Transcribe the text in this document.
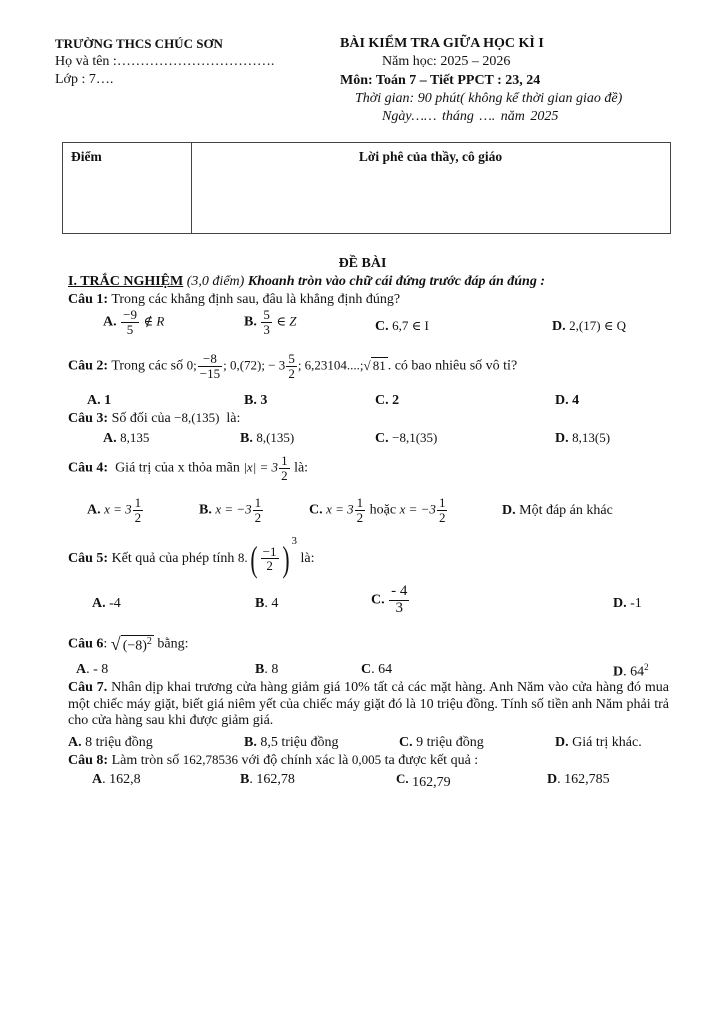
TRƯỜNG THCS CHÚC SƠN
Họ và tên :…………………………….
Lớp : 7….
BÀI KIỂM TRA GIỮA HỌC KÌ I
Năm học: 2025 – 2026
Môn: Toán 7 – Tiết PPCT : 23, 24
Thời gian: 90 phút( không kể thời gian giao đề)
Ngày…… tháng …. năm 2025
Điểm	Lời phê của thầy, cô giáo
ĐỀ BÀI
I. TRẮC NGHIỆM (3,0 điểm) Khoanh tròn vào chữ cái đứng trước đáp án đúng :
Câu 1: Trong các khẳng định sau, đâu là khẳng định đúng?
A. $\frac{-9}{5}$ ∉ R	B. $\frac{5}{3}$ ∈ Z	C. 6,7 ∈ I	D. 2,(17) ∈ Q
Câu 2: Trong các số 0; $\frac{-8}{-15}$ ; 0,(72); − $3 \frac{5}{2}$ ; 6,23104....;√ 81 . có bao nhiêu số vô tỉ?
A. 1	B. 3	C. 2	D. 4
Câu 3: Số đối của −8,(135) là:
A. 8,135	B. 8,(135)	C. −8,1(35)	D. 8,13(5)
Câu 4: Giá trị của x thỏa mãn $|x| = 3 \frac{1}{2}$ là:
A. $x = 3 \frac{1}{2}$	B. $x = -3 \frac{1}{2}$	C. $x = 3 \frac{1}{2}$ hoặc $x = -3 \frac{1}{2}$	D. Một đáp án khác
Câu 5: Kết quả của phép tính $8.( \frac{-1}{2}$ ) $^3$ là:
A. -4	B. 4	C. $\frac{- 4}{3}$	D. -1
Câu 6: √ $(-8)^2$ bằng:
A. - 8	B. 8	C. 64	D. $64^2$
Câu 7. Nhân dịp khai trương cửa hàng giảm giá 10% tất cả các mặt hàng. Anh Năm vào cửa hàng đó mua một chiếc máy giặt, biết giá niêm yết của chiếc máy giặt đó là 10 triệu đồng. Tính số tiền anh Năm phải trả cho cửa hàng sau khi được giảm giá.
A. 8 triệu đồng	B. 8,5 triệu đồng	C. 9 triệu đồng	D. Giá trị khác.
Câu 8: Làm tròn số 162,78536 với độ chính xác là 0,005 ta được kết quả :
A. 162,8	B. 162,78	C. 162,79	D. 162,785
